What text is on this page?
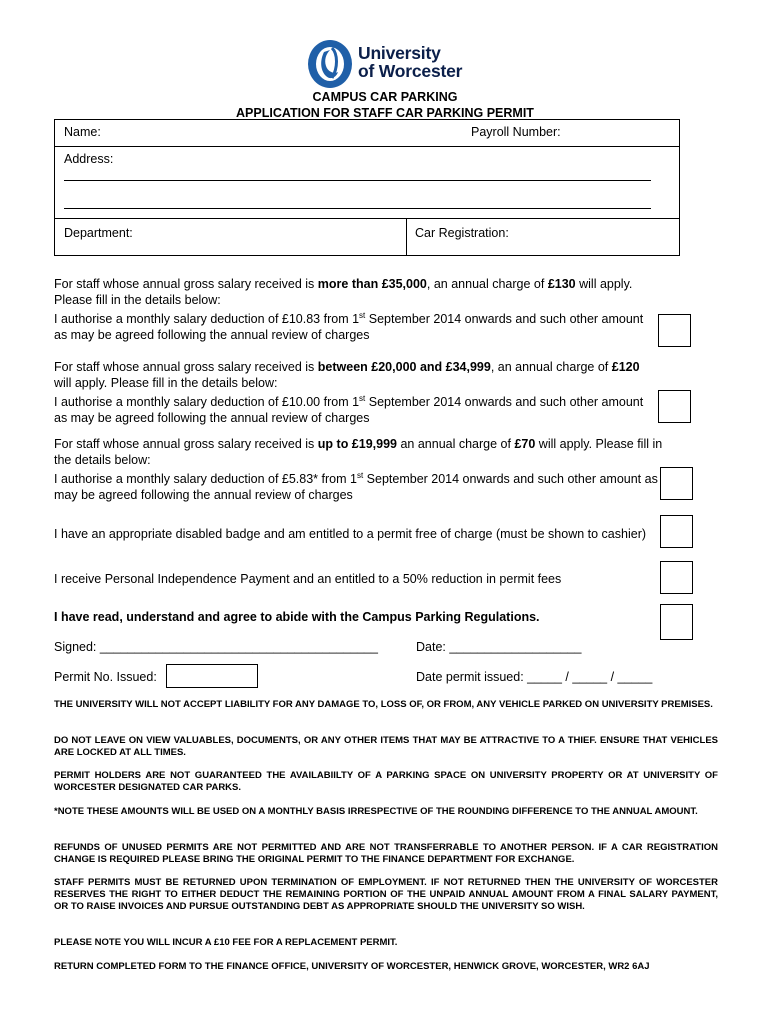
University
of Worcester
CAMPUS CAR PARKING
APPLICATION FOR STAFF CAR PARKING PERMIT
Name:	Payroll Number:
Address:
Department:	Car Registration:
For staff whose annual gross salary received is more than £35,000, an annual charge of £130 will apply. Please fill in the details below:
I authorise a monthly salary deduction of £10.83 from 1st September 2014 onwards and such other amount as may be agreed following the annual review of charges
For staff whose annual gross salary received is between £20,000 and £34,999, an annual charge of £120 will apply. Please fill in the details below:
I authorise a monthly salary deduction of £10.00 from 1st September 2014 onwards and such other amount as may be agreed following the annual review of charges
For staff whose annual gross salary received is up to £19,999 an annual charge of £70 will apply. Please fill in the details below:
I authorise a monthly salary deduction of £5.83* from 1st September 2014 onwards and such other amount as may be agreed following the annual review of charges
I have an appropriate disabled badge and am entitled to a permit free of charge (must be shown to cashier)
I receive Personal Independence Payment and an entitled to a 50% reduction in permit fees
I have read, understand and agree to abide with the Campus Parking Regulations.
Signed: ________________________________________	Date: ___________________
Permit No. Issued:	Date permit issued: _____ / _____ / _____
THE UNIVERSITY WILL NOT ACCEPT LIABILITY FOR ANY DAMAGE TO, LOSS OF, OR FROM, ANY VEHICLE PARKED ON UNIVERSITY PREMISES.
DO NOT LEAVE ON VIEW VALUABLES, DOCUMENTS, OR ANY OTHER ITEMS THAT MAY BE ATTRACTIVE TO A THIEF. ENSURE THAT VEHICLES ARE LOCKED AT ALL TIMES.
PERMIT HOLDERS ARE NOT GUARANTEED THE AVAILABIILTY OF A PARKING SPACE ON UNIVERSITY PROPERTY OR AT UNIVERSITY OF WORCESTER DESIGNATED CAR PARKS.
*NOTE THESE AMOUNTS WILL BE USED ON A MONTHLY BASIS IRRESPECTIVE OF THE ROUNDING DIFFERENCE TO THE ANNUAL AMOUNT.
REFUNDS OF UNUSED PERMITS ARE NOT PERMITTED AND ARE NOT TRANSFERRABLE TO ANOTHER PERSON. IF A CAR REGISTRATION CHANGE IS REQUIRED PLEASE BRING THE ORIGINAL PERMIT TO THE FINANCE DEPARTMENT FOR EXCHANGE.
STAFF PERMITS MUST BE RETURNED UPON TERMINATION OF EMPLOYMENT. IF NOT RETURNED THEN THE UNIVERSITY OF WORCESTER RESERVES THE RIGHT TO EITHER DEDUCT THE REMAINING PORTION OF THE UNPAID ANNUAL AMOUNT FROM A FINAL SALARY PAYMENT, OR TO RAISE INVOICES AND PURSUE OUTSTANDING DEBT AS APPROPRIATE SHOULD THE UNIVERSITY SO WISH.
PLEASE NOTE YOU WILL INCUR A £10 FEE FOR A REPLACEMENT PERMIT.
RETURN COMPLETED FORM TO THE FINANCE OFFICE, UNIVERSITY OF WORCESTER, HENWICK GROVE, WORCESTER, WR2 6AJ
